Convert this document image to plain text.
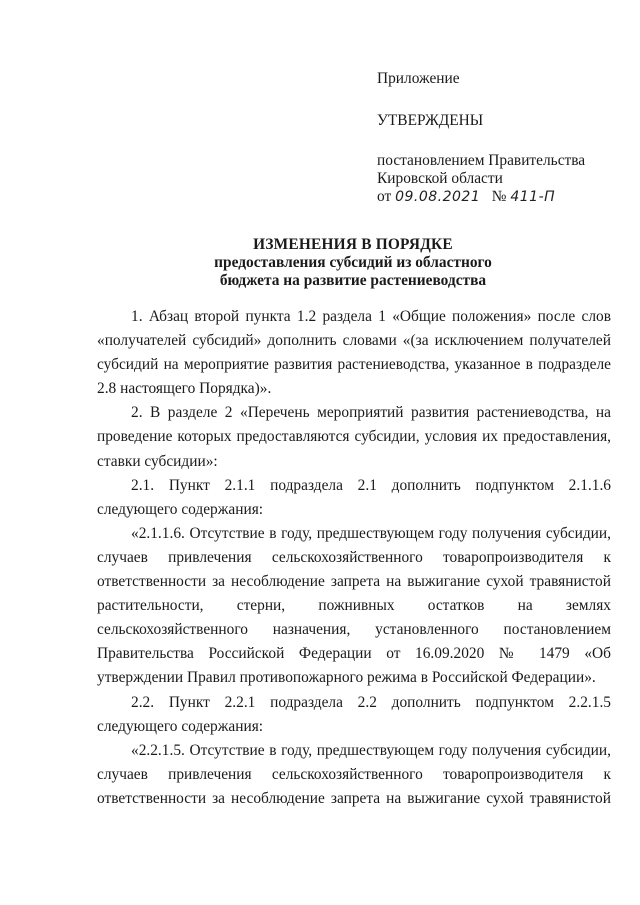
Приложение
УТВЕРЖДЕНЫ
постановлением Правительства
Кировской области
от 09.08.2021 № 411-П
ИЗМЕНЕНИЯ В ПОРЯДКЕ
предоставления субсидий из областного
бюджета на развитие растениеводства

1. Абзац второй пункта 1.2 раздела 1 «Общие положения» после слов «получателей субсидий» дополнить словами «(за исключением получателей субсидий на мероприятие развития растениеводства, указанное в подразделе 2.8 настоящего Порядка)».

2. В разделе 2 «Перечень мероприятий развития растениеводства, на проведение которых предоставляются субсидии, условия их предоставления, ставки субсидии»:

2.1. Пункт 2.1.1 подраздела 2.1 дополнить подпунктом 2.1.1.6 следующего содержания:

«2.1.1.6. Отсутствие в году, предшествующем году получения субсидии, случаев привлечения сельскохозяйственного товаропроизводителя к ответственности за несоблюдение запрета на выжигание сухой травянистой растительности, стерни, пожнивных остатков на землях сельскохозяйственного назначения, установленного постановлением Правительства Российской Федерации от 16.09.2020 № 1479 «Об утверждении Правил противопожарного режима в Российской Федерации».

2.2. Пункт 2.2.1 подраздела 2.2 дополнить подпунктом 2.2.1.5 следующего содержания:

«2.2.1.5. Отсутствие в году, предшествующем году получения субсидии, случаев привлечения сельскохозяйственного товаропроизводителя к ответственности за несоблюдение запрета на выжигание сухой травянистой
